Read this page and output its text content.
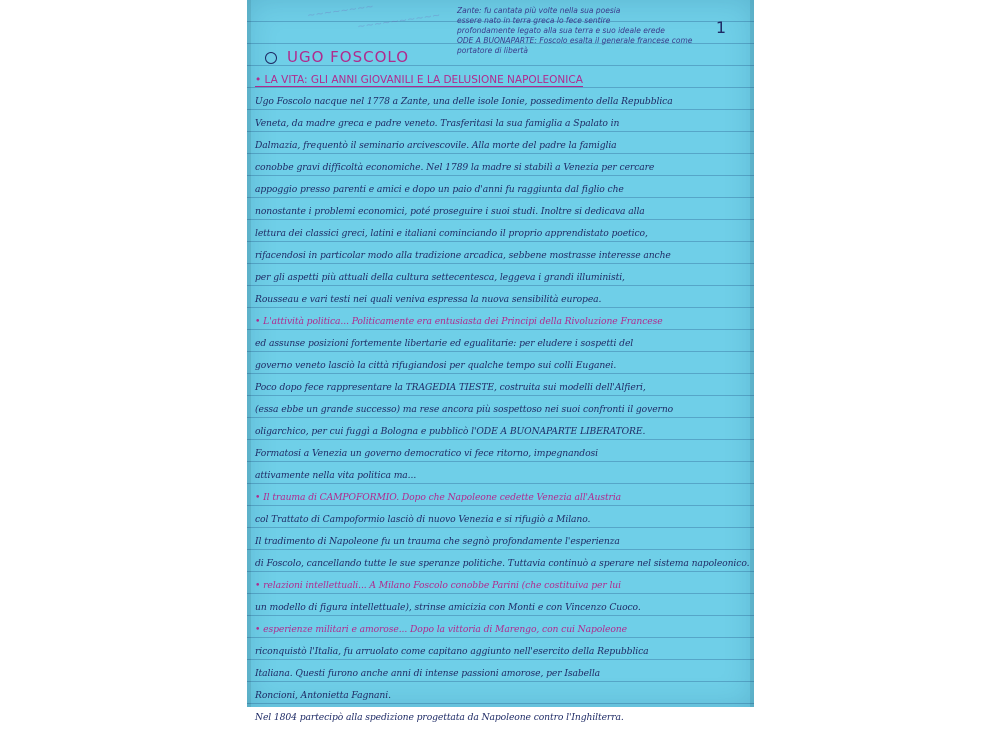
~~~~~~~~
~~~~~~~~~~ Zante: fu cantata più volte nella sua poesia
essere nato in terra greca lo fece sentire
profondamente legato alla sua terra e suo ideale erede
ODE A BUONAPARTE: Foscolo esalta il generale francese come
portatore di libertà
1
UGO FOSCOLO
• LA VITA: GLI ANNI GIOVANILI E LA DELUSIONE NAPOLEONICA
Ugo Foscolo nacque nel 1778 a Zante, una delle isole Ionie, possedimento della Repubblica
Veneta, da madre greca e padre veneto. Trasferitasi la sua famiglia a Spalato in
Dalmazia, frequentò il seminario arcivescovile. Alla morte del padre la famiglia
conobbe gravi difficoltà economiche. Nel 1789 la madre si stabilì a Venezia per cercare
appoggio presso parenti e amici e dopo un paio d'anni fu raggiunta dal figlio che
nonostante i problemi economici, poté proseguire i suoi studi. Inoltre si dedicava alla
lettura dei classici greci, latini e italiani cominciando il proprio apprendistato poetico,
rifacendosi in particolar modo alla tradizione arcadica, sebbene mostrasse interesse anche
per gli aspetti più attuali della cultura settecentesca, leggeva i grandi illuministi,
Rousseau e vari testi nei quali veniva espressa la nuova sensibilità europea.
• L'attività politica... Politicamente era entusiasta dei Principi della Rivoluzione Francese
ed assunse posizioni fortemente libertarie ed egualitarie: per eludere i sospetti del
governo veneto lasciò la città rifugiandosi per qualche tempo sui colli Euganei.
Poco dopo fece rappresentare la TRAGEDIA TIESTE, costruita sui modelli dell'Alfieri,
(essa ebbe un grande successo) ma rese ancora più sospettoso nei suoi confronti il governo
oligarchico, per cui fuggì a Bologna e pubblicò l'ODE A BUONAPARTE LIBERATORE.
Formatosi a Venezia un governo democratico vi fece ritorno, impegnandosi
attivamente nella vita politica ma...
• Il trauma di CAMPOFORMIO. Dopo che Napoleone cedette Venezia all'Austria
col Trattato di Campoformio lasciò di nuovo Venezia e si rifugiò a Milano.
Il tradimento di Napoleone fu un trauma che segnò profondamente l'esperienza
di Foscolo, cancellando tutte le sue speranze politiche. Tuttavia continuò a sperare nel sistema napoleonico.
• relazioni intellettuali... A Milano Foscolo conobbe Parini (che costituiva per lui
un modello di figura intellettuale), strinse amicizia con Monti e con Vincenzo Cuoco.
• esperienze militari e amorose... Dopo la vittoria di Marengo, con cui Napoleone
riconquistò l'Italia, fu arruolato come capitano aggiunto nell'esercito della Repubblica
Italiana. Questi furono anche anni di intense passioni amorose, per Isabella
Roncioni, Antonietta Fagnani.
Nel 1804 partecipò alla spedizione progettata da Napoleone contro l'Inghilterra.
